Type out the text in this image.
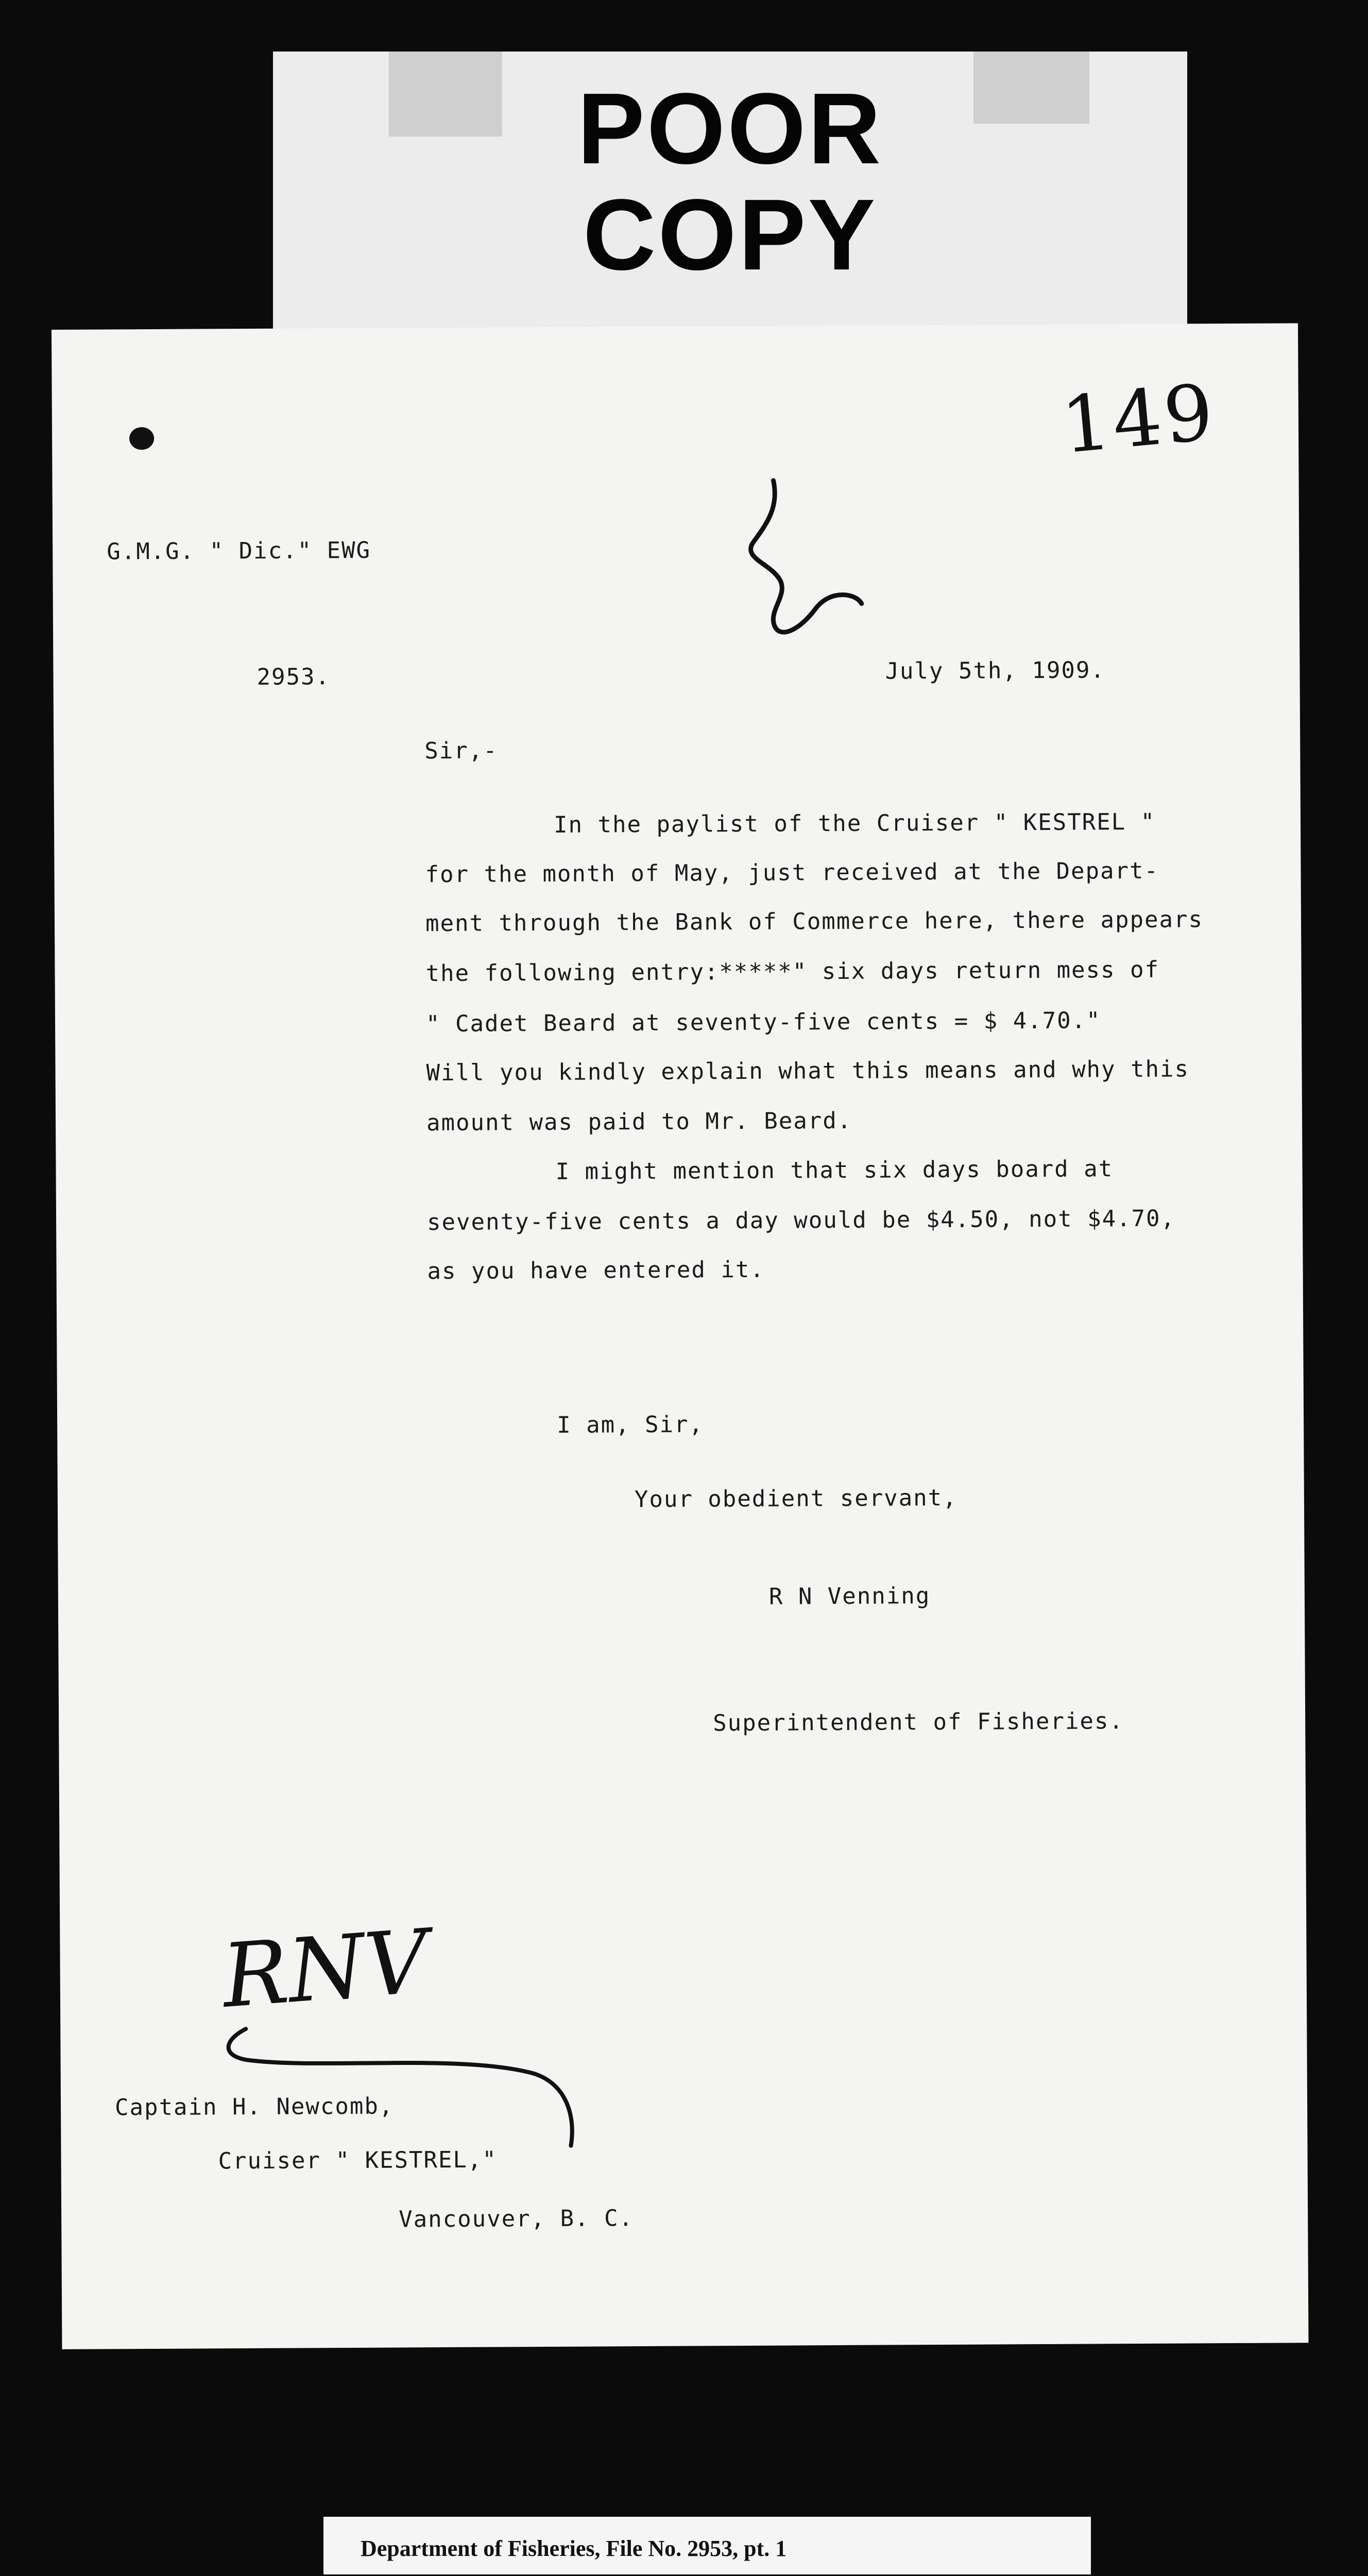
POOR
COPY
149
G.M.G. " Dic." EWG
2953.	July 5th, 1909.
Sir,-
In the paylist of the Cruiser " KESTREL "
for the month of May, just received at the Depart-
ment through the Bank of Commerce here, there appears
the following entry:*****" six days return mess of
" Cadet Beard at seventy-five cents = $ 4.70."
Will you kindly explain what this means and why this
amount was paid to Mr. Beard.
I might mention that six days board at
seventy-five cents a day would be $4.50, not $4.70,
as you have entered it.
I am, Sir,
Your obedient servant,
R N Venning
Superintendent of Fisheries.
RNV
Captain H. Newcomb,
Cruiser " KESTREL,"
Vancouver, B. C.
Department of Fisheries, File No. 2953, pt. 1
